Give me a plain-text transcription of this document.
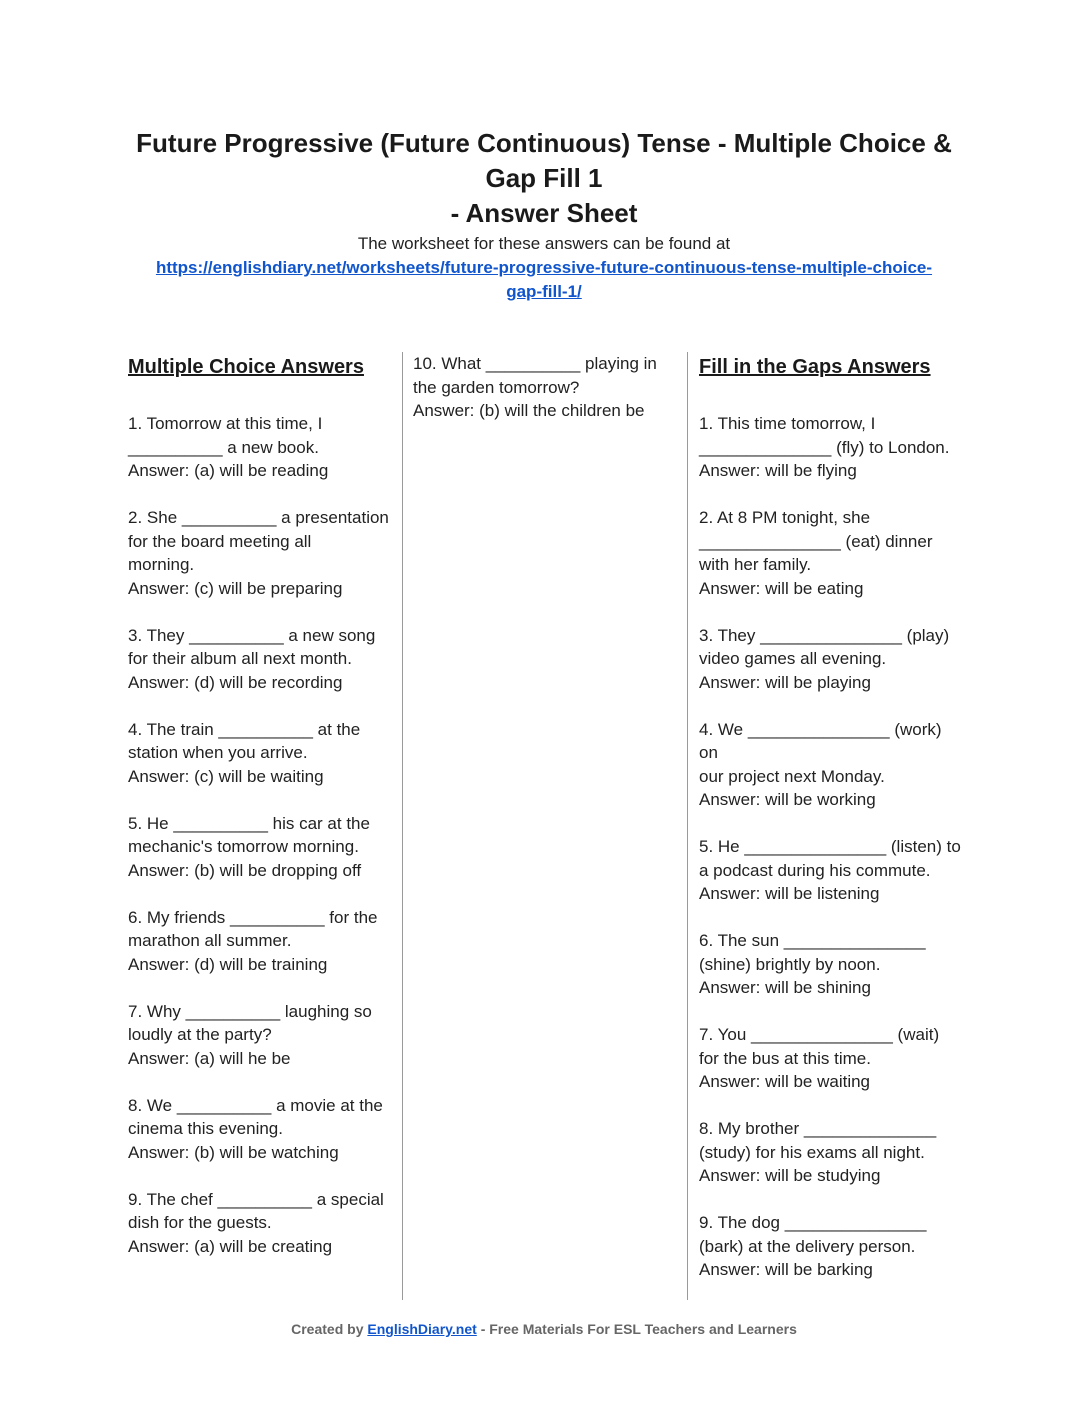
Future Progressive (Future Continuous) Tense - Multiple Choice &
Gap Fill 1
- Answer Sheet
The worksheet for these answers can be found at
https://englishdiary.net/worksheets/future-progressive-future-continuous-tense-multiple-choice-
gap-fill-1/
Multiple Choice Answers
1. Tomorrow at this time, I
__________ a new book.
Answer: (a) will be reading
2. She __________ a presentation
for the board meeting all
morning.
Answer: (c) will be preparing
3. They __________ a new song
for their album all next month.
Answer: (d) will be recording
4. The train __________ at the
station when you arrive.
Answer: (c) will be waiting
5. He __________ his car at the
mechanic's tomorrow morning.
Answer: (b) will be dropping off
6. My friends __________ for the
marathon all summer.
Answer: (d) will be training
7. Why __________ laughing so
loudly at the party?
Answer: (a) will he be
8. We __________ a movie at the
cinema this evening.
Answer: (b) will be watching
9. The chef __________ a special
dish for the guests.
Answer: (a) will be creating
10. What __________ playing in
the garden tomorrow?
Answer: (b) will the children be
Fill in the Gaps Answers
1. This time tomorrow, I
______________ (fly) to London.
Answer: will be flying
2. At 8 PM tonight, she
_______________ (eat) dinner
with her family.
Answer: will be eating
3. They _______________ (play)
video games all evening.
Answer: will be playing
4. We _______________ (work) on
our project next Monday.
Answer: will be working
5. He _______________ (listen) to
a podcast during his commute.
Answer: will be listening
6. The sun _______________
(shine) brightly by noon.
Answer: will be shining
7. You _______________ (wait)
for the bus at this time.
Answer: will be waiting
8. My brother ______________
(study) for his exams all night.
Answer: will be studying
9. The dog _______________
(bark) at the delivery person.
Answer: will be barking
Created by EnglishDiary.net - Free Materials For ESL Teachers and Learners
